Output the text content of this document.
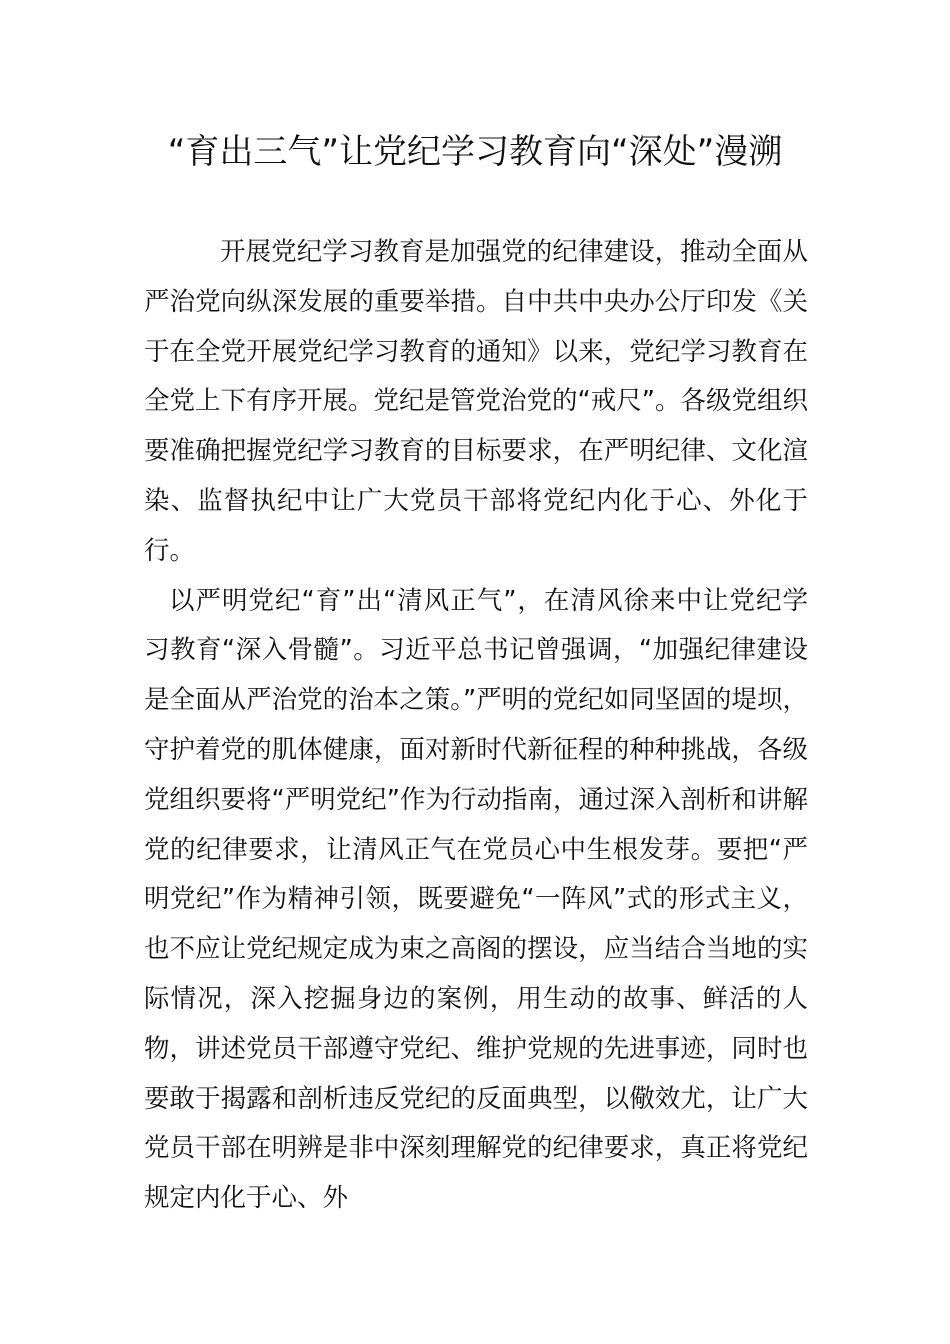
“育出三气”让党纪学习教育向“深处”漫溯

开展党纪学习教育是加强党的纪律建设，推动全面从严治党向纵深发展的重要举措。自中共中央办公厅印发《关于在全党开展党纪学习教育的通知》以来，党纪学习教育在全党上下有序开展。党纪是管党治党的“戒尺”。各级党组织要准确把握党纪学习教育的目标要求，在严明纪律、文化渲染、监督执纪中让广大党员干部将党纪内化于心、外化于行。

以严明党纪“育”出“清风正气”，在清风徐来中让党纪学习教育“深入骨髓”。习近平总书记曾强调，“加强纪律建设是全面从严治党的治本之策。”严明的党纪如同坚固的堤坝，守护着党的肌体健康，面对新时代新征程的种种挑战，各级党组织要将“严明党纪”作为行动指南，通过深入剖析和讲解党的纪律要求，让清风正气在党员心中生根发芽。要把“严明党纪”作为精神引领，既要避免“一阵风”式的形式主义，也不应让党纪规定成为束之高阁的摆设，应当结合当地的实际情况，深入挖掘身边的案例，用生动的故事、鲜活的人物，讲述党员干部遵守党纪、维护党规的先进事迹，同时也要敢于揭露和剖析违反党纪的反面典型，以儆效尤，让广大党员干部在明辨是非中深刻理解党的纪律要求，真正将党纪规定内化于心、外
